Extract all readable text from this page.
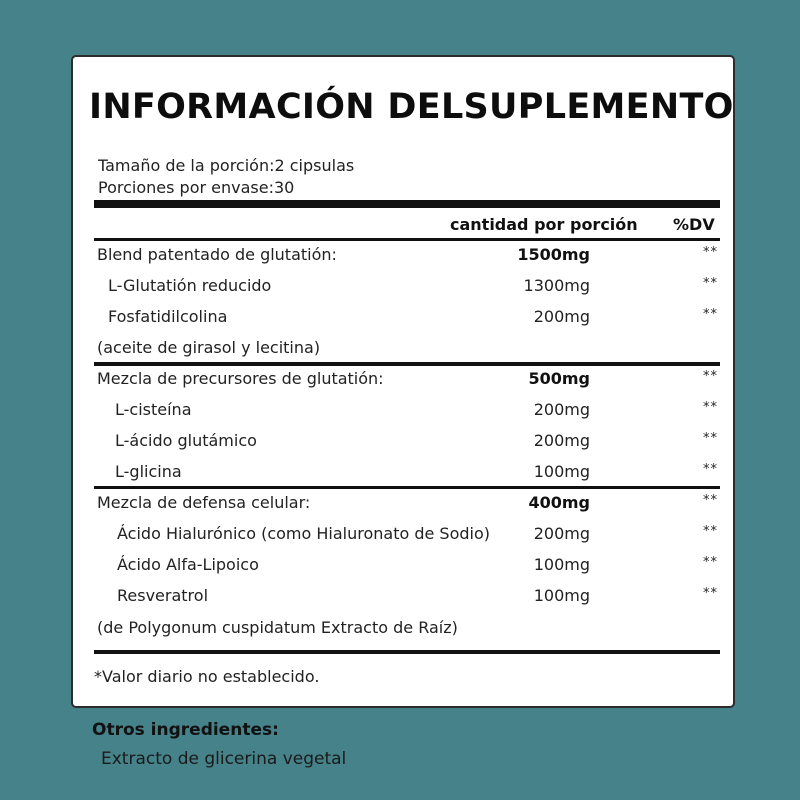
INFORMACIÓN DELSUPLEMENTO
Tamaño de la porción:2 cipsulas
Porciones por envase:30
cantidad por porción %DV
Blend patentado de glutatión:	1500mg	**
L-Glutatión reducido	1300mg	**
Fosfatidilcolina	200mg	**
(aceite de girasol y lecitina)
Mezcla de precursores de glutatión:	500mg	**
L-cisteína	200mg	**
L-ácido glutámico	200mg	**
L-glicina	100mg	**
Mezcla de defensa celular:	400mg	**
Ácido Hialurónico (como Hialuronato de Sodio)	200mg	**
Ácido Alfa-Lipoico	100mg	**
Resveratrol	100mg	**
(de Polygonum cuspidatum Extracto de Raíz)
*Valor diario no establecido.
Otros ingredientes:
Extracto de glicerina vegetal
